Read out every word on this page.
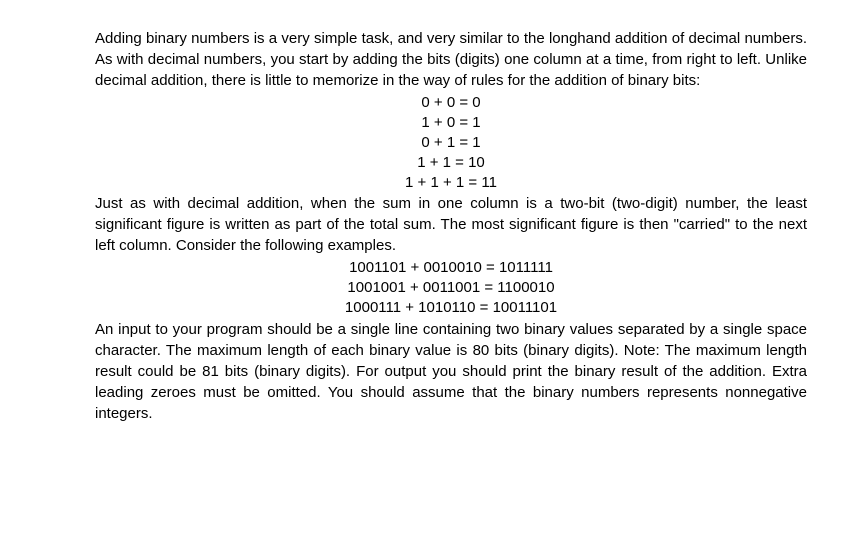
Adding binary numbers is a very simple task, and very similar to the longhand addition of decimal numbers. As with decimal numbers, you start by adding the bits (digits) one column at a time, from right to left. Unlike decimal addition, there is little to memorize in the way of rules for the addition of binary bits:

0 + 0 = 0
1 + 0 = 1
0 + 1 = 1
1 + 1 = 10
1 + 1 + 1 = 11

Just as with decimal addition, when the sum in one column is a two-bit (two-digit) number, the least significant figure is written as part of the total sum. The most significant figure is then "carried" to the next left column. Consider the following examples.

1001101 + 0010010 = 1011111
1001001 + 0011001 = 1100010
1000111 + 1010110 = 10011101

An input to your program should be a single line containing two binary values separated by a single space character. The maximum length of each binary value is 80 bits (binary digits). Note: The maximum length result could be 81 bits (binary digits). For output you should print the binary result of the addition. Extra leading zeroes must be omitted. You should assume that the binary numbers represents nonnegative integers.
